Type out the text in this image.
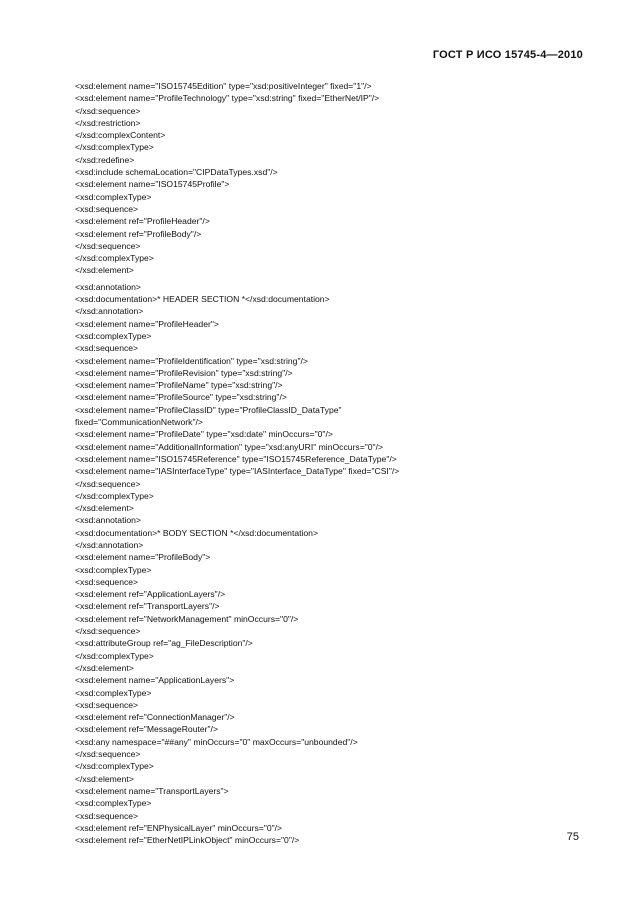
ГОСТ Р ИСО 15745-4—2010
<xsd:element name="ISO15745Edition" type="xsd:positiveInteger" fixed="1"/>
<xsd:element name="ProfileTechnology" type="xsd:string" fixed="EtherNet/IP"/>
</xsd:sequence>
</xsd:restriction>
</xsd:complexContent>
</xsd:complexType>
</xsd:redefine>
<xsd:include schemaLocation="CIPDataTypes.xsd"/>
<xsd:element name="ISO15745Profile">
<xsd:complexType>
<xsd:sequence>
<xsd:element ref="ProfileHeader"/>
<xsd:element ref="ProfileBody"/>
</xsd:sequence>
</xsd:complexType>
</xsd:element>
<xsd:annotation>
<xsd:documentation>* HEADER SECTION *</xsd:documentation>
</xsd:annotation>
<xsd:element name="ProfileHeader">
<xsd:complexType>
<xsd:sequence>
<xsd:element name="ProfileIdentification" type="xsd:string"/>
<xsd:element name="ProfileRevision" type="xsd:string"/>
<xsd:element name="ProfileName" type="xsd:string"/>
<xsd:element name="ProfileSource" type="xsd:string"/>
<xsd:element name="ProfileClassID" type="ProfileClassID_DataType"
fixed="CommunicationNetwork"/>
<xsd:element name="ProfileDate" type="xsd:date" minOccurs="0"/>
<xsd:element name="AdditionalInformation" type="xsd:anyURI" minOccurs="0"/>
<xsd:element name="ISO15745Reference" type="ISO15745Reference_DataType"/>
<xsd:element name="IASInterfaceType" type="IASInterface_DataType" fixed="CSI"/>
</xsd:sequence>
</xsd:complexType>
</xsd:element>
<xsd:annotation>
<xsd:documentation>* BODY SECTION *</xsd:documentation>
</xsd:annotation>
<xsd:element name="ProfileBody">
<xsd:complexType>
<xsd:sequence>
<xsd:element ref="ApplicationLayers"/>
<xsd:element ref="TransportLayers"/>
<xsd:element ref="NetworkManagement" minOccurs="0"/>
</xsd:sequence>
<xsd:attributeGroup ref="ag_FileDescription"/>
</xsd:complexType>
</xsd:element>
<xsd:element name="ApplicationLayers">
<xsd:complexType>
<xsd:sequence>
<xsd:element ref="ConnectionManager"/>
<xsd:element ref="MessageRouter"/>
<xsd:any namespace="##any" minOccurs="0" maxOccurs="unbounded"/>
</xsd:sequence>
</xsd:complexType>
</xsd:element>
<xsd:element name="TransportLayers">
<xsd:complexType>
<xsd:sequence>
<xsd:element ref="ENPhysicalLayer" minOccurs="0"/>
<xsd:element ref="EtherNetIPLinkObject" minOccurs="0"/>	75
